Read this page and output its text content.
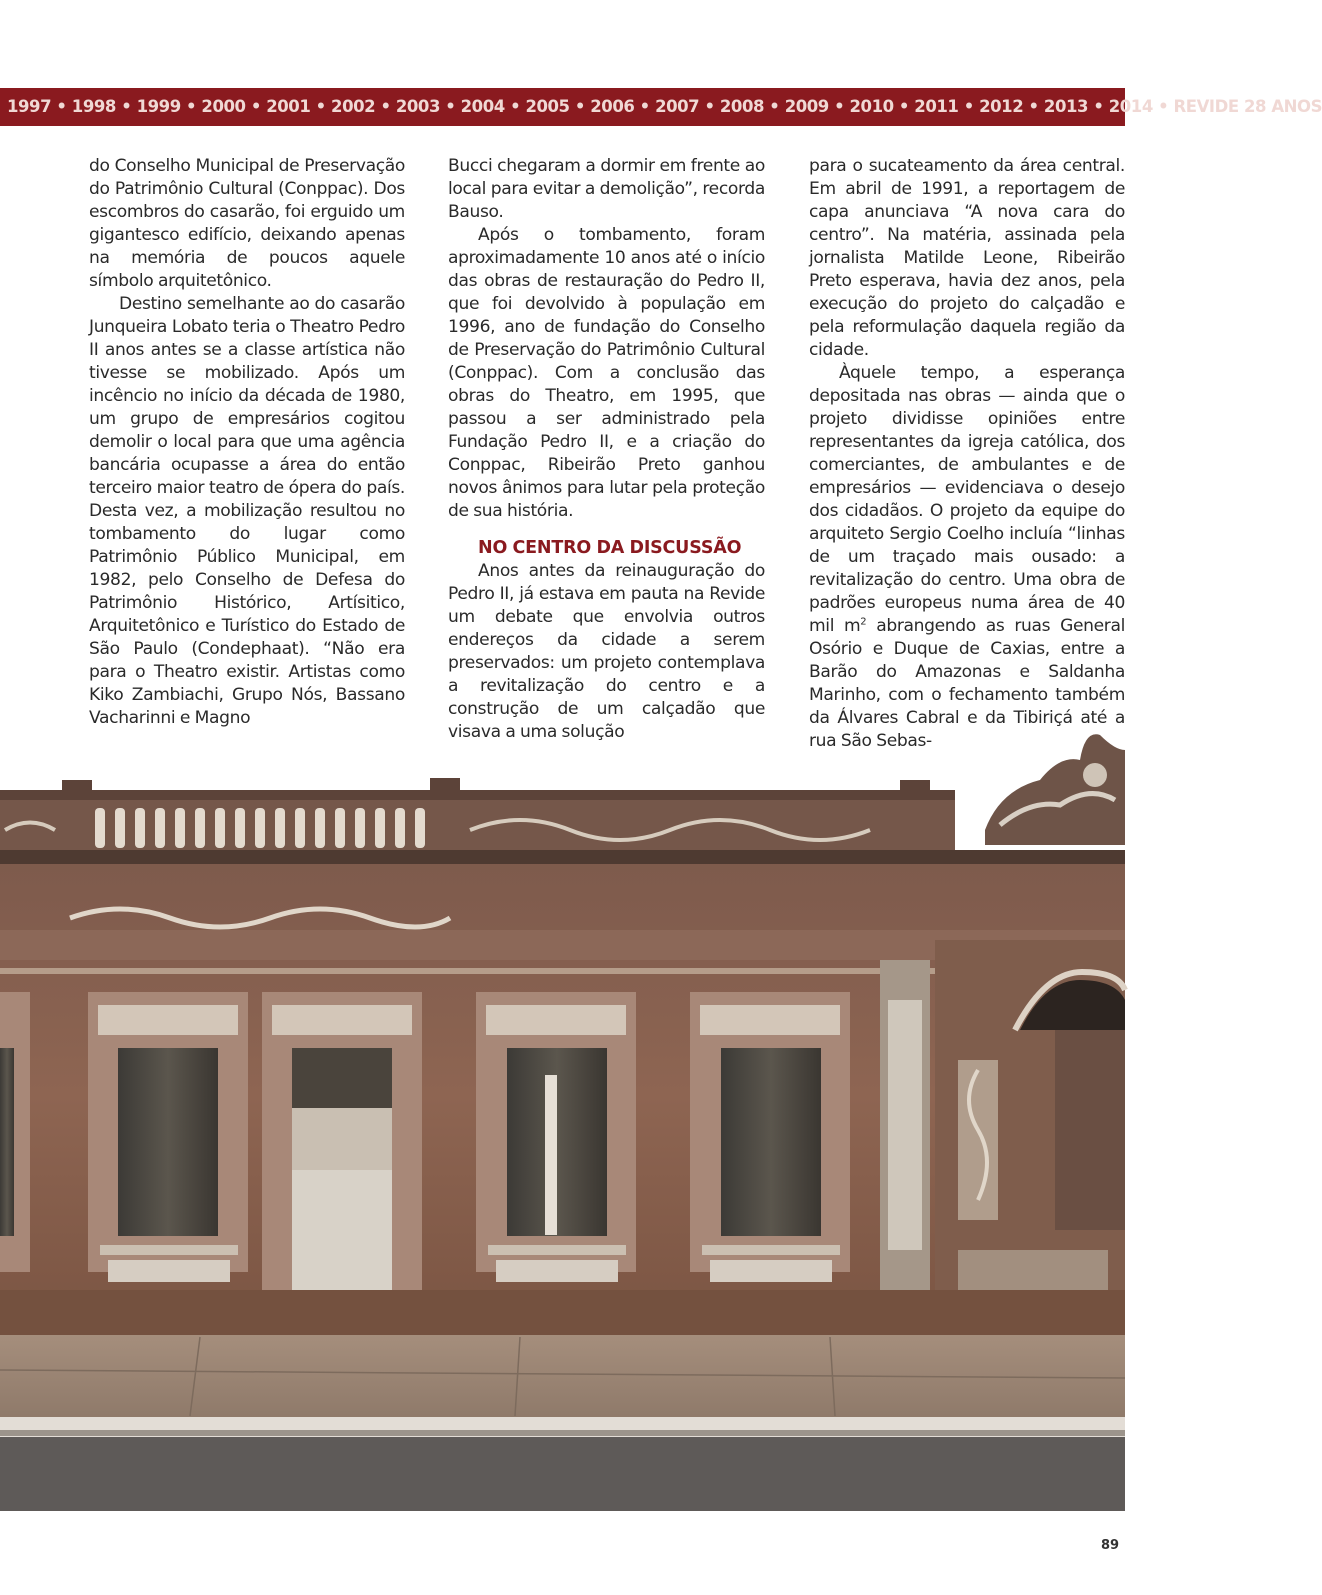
1997 • 1998 • 1999 • 2000 • 2001 • 2002 • 2003 • 2004 • 2005 • 2006 • 2007 • 2008 • 2009 • 2010 • 2011 • 2012 • 2013 • 2014 • REVIDE 28 ANOS

do Conselho Municipal de Preservação do Patrimônio Cultural (Conppac). Dos escombros do casarão, foi erguido um gigantesco edifício, deixando apenas na memória de poucos aquele símbolo arquitetônico.

Destino semelhante ao do casarão Junqueira Lobato teria o Theatro Pedro II anos antes se a classe artística não tivesse se mobilizado. Após um incêncio no início da década de 1980, um grupo de empresários cogitou demolir o local para que uma agência bancária ocupasse a área do então terceiro maior teatro de ópera do país. Desta vez, a mobilização resultou no tombamento do lugar como Patrimônio Público Municipal, em 1982, pelo Conselho de Defesa do Patrimônio Histórico, Artísitico, Arquitetônico e Turístico do Estado de São Paulo (Condephaat). “Não era para o Theatro existir. Artistas como Kiko Zambiachi, Grupo Nós, Bassano Vacharinni e Magno

Bucci chegaram a dormir em frente ao local para evitar a demolição”, recorda Bauso.

Após o tombamento, foram aproximadamente 10 anos até o início das obras de restauração do Pedro II, que foi devolvido à população em 1996, ano de fundação do Conselho de Preservação do Patrimônio Cultural (Conppac). Com a conclusão das obras do Theatro, em 1995, que passou a ser administrado pela Fundação Pedro II, e a criação do Conppac, Ribeirão Preto ganhou novos ânimos para lutar pela proteção de sua história.

NO CENTRO DA DISCUSSÃO

Anos antes da reinauguração do Pedro II, já estava em pauta na Revide um debate que envolvia outros endereços da cidade a serem preservados: um projeto contemplava a revitalização do centro e a construção de um calçadão que visava a uma solução

para o sucateamento da área central. Em abril de 1991, a reportagem de capa anunciava “A nova cara do centro”. Na matéria, assinada pela jornalista Matilde Leone, Ribeirão Preto esperava, havia dez anos, pela execução do projeto do calçadão e pela reformulação daquela região da cidade.

Àquele tempo, a esperança depositada nas obras — ainda que o projeto dividisse opiniões entre representantes da igreja católica, dos comerciantes, de ambulantes e de empresários — evidenciava o desejo dos cidadãos. O projeto da equipe do arquiteto Sergio Coelho incluía “linhas de um traçado mais ousado: a revitalização do centro. Uma obra de padrões europeus numa área de 40 mil $m^2$ abrangendo as ruas General Osório e Duque de Caxias, entre a Barão do Amazonas e Saldanha Marinho, com o fechamento também da Álvares Cabral e da Tibiriçá até a rua São Sebas-

89
